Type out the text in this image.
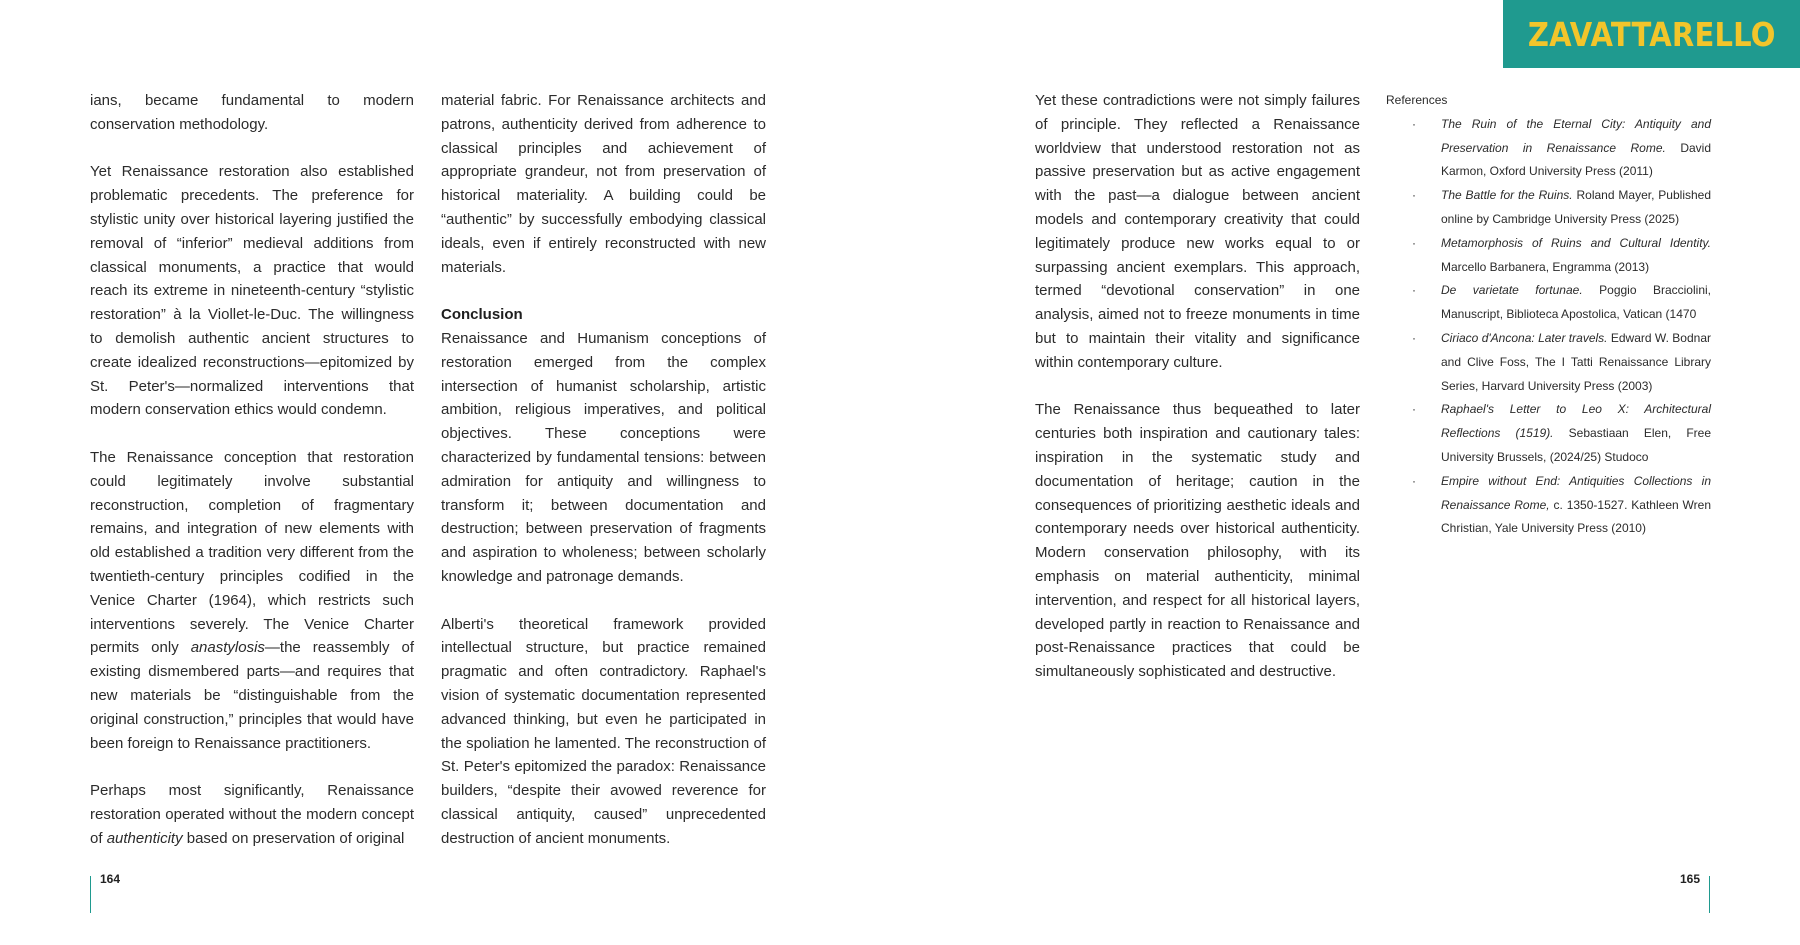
ZAVATTARELLO

ians, became fundamental to modern conservation methodology.

Yet Renaissance restoration also established problematic precedents. The preference for stylistic unity over historical layering justified the removal of “inferior” medieval additions from classical monuments, a practice that would reach its extreme in nineteenth-century “stylistic restoration” à la Viollet-le-Duc. The willingness to demolish authentic ancient structures to create idealized reconstructions—epitomized by St. Peter's—normalized interventions that modern conservation ethics would condemn.

The Renaissance conception that restoration could legitimately involve substantial reconstruction, completion of fragmentary remains, and integration of new elements with old established a tradition very different from the twentieth-century principles codified in the Venice Charter (1964), which restricts such interventions severely. The Venice Charter permits only anastylosis—the reassembly of existing dismembered parts—and requires that new materials be “distinguishable from the original construction,” principles that would have been foreign to Renaissance practitioners.

Perhaps most significantly, Renaissance restoration operated without the modern concept of authenticity based on preservation of original

material fabric. For Renaissance architects and patrons, authenticity derived from adherence to classical principles and achievement of appropriate grandeur, not from preservation of historical materiality. A building could be “authentic” by successfully embodying classical ideals, even if entirely reconstructed with new materials.

Conclusion

Renaissance and Humanism conceptions of restoration emerged from the complex intersection of humanist scholarship, artistic ambition, religious imperatives, and political objectives. These conceptions were characterized by fundamental tensions: between admiration for antiquity and willingness to transform it; between documentation and destruction; between preservation of fragments and aspiration to wholeness; between scholarly knowledge and patronage demands.

Alberti's theoretical framework provided intellectual structure, but practice remained pragmatic and often contradictory. Raphael's vision of systematic documentation represented advanced thinking, but even he participated in the spoliation he lamented. The reconstruction of St. Peter's epitomized the paradox: Renaissance builders, “despite their avowed reverence for classical antiquity, caused” unprecedented destruction of ancient monuments.

Yet these contradictions were not simply failures of principle. They reflected a Renaissance worldview that understood restoration not as passive preservation but as active engagement with the past—a dialogue between ancient models and contemporary creativity that could legitimately produce new works equal to or surpassing ancient exemplars. This approach, termed “devotional conservation” in one analysis, aimed not to freeze monuments in time but to maintain their vitality and significance within contemporary culture.

The Renaissance thus bequeathed to later centuries both inspiration and cautionary tales: inspiration in the systematic study and documentation of heritage; caution in the consequences of prioritizing aesthetic ideals and contemporary needs over historical authenticity. Modern conservation philosophy, with its emphasis on material authenticity, minimal intervention, and respect for all historical layers, developed partly in reaction to Renaissance and post-Renaissance practices that could be simultaneously sophisticated and destructive.

References
· The Ruin of the Eternal City: Antiquity and Preservation in Renaissance Rome. David Karmon, Oxford University Press (2011)
· The Battle for the Ruins. Roland Mayer, Published online by Cambridge University Press (2025)
· Metamorphosis of Ruins and Cultural Identity. Marcello Barbanera, Engramma (2013)
· De varietate fortunae. Poggio Bracciolini, Manuscript, Biblioteca Apostolica, Vatican (1470
· Ciriaco d'Ancona: Later travels. Edward W. Bodnar and Clive Foss, The I Tatti Renaissance Library Series, Harvard University Press (2003)
· Raphael's Letter to Leo X: Architectural Reflections (1519). Sebastiaan Elen, Free University Brussels, (2024/25) Studoco
· Empire without End: Antiquities Collections in Renaissance Rome, c. 1350-1527. Kathleen Wren Christian, Yale University Press (2010)
164	165
